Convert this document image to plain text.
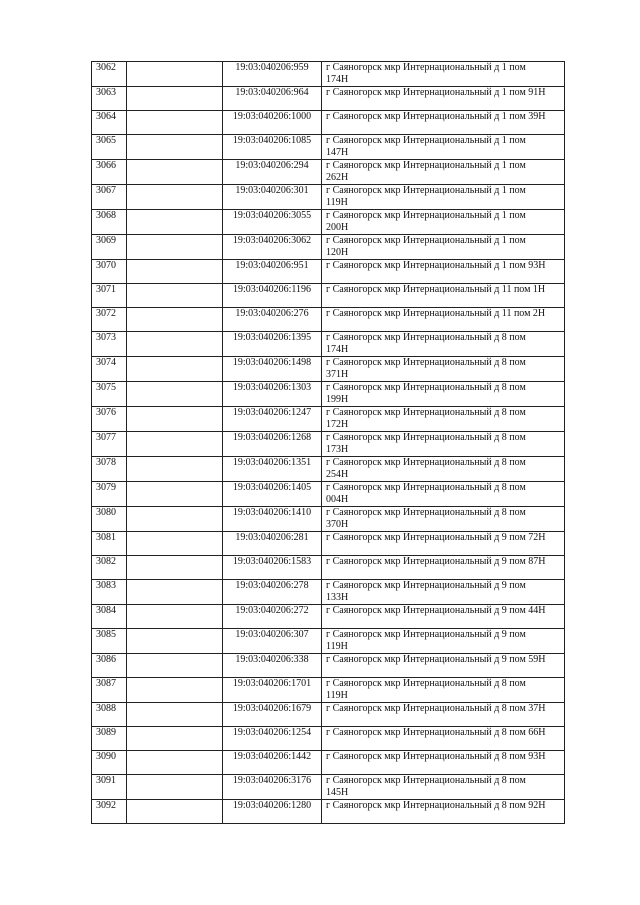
3062		19:03:040206:959	г Саяногорск мкр Интернациональный д 1 пом 174Н

3063		19:03:040206:964	г Саяногорск мкр Интернациональный д 1 пом 91Н

3064		19:03:040206:1000	г Саяногорск мкр Интернациональный д 1 пом 39Н

3065		19:03:040206:1085	г Саяногорск мкр Интернациональный д 1 пом 147Н

3066		19:03:040206:294	г Саяногорск мкр Интернациональный д 1 пом 262Н

3067		19:03:040206:301	г Саяногорск мкр Интернациональный д 1 пом 119Н

3068		19:03:040206:3055	г Саяногорск мкр Интернациональный д 1 пом 200Н

3069		19:03:040206:3062	г Саяногорск мкр Интернациональный д 1 пом 120Н

3070		19:03:040206:951	г Саяногорск мкр Интернациональный д 1 пом 93Н

3071		19:03:040206:1196	г Саяногорск мкр Интернациональный д 11 пом 1Н

3072		19:03:040206:276	г Саяногорск мкр Интернациональный д 11 пом 2Н

3073		19:03:040206:1395	г Саяногорск мкр Интернациональный д 8 пом 174Н

3074		19:03:040206:1498	г Саяногорск мкр Интернациональный д 8 пом 371Н

3075		19:03:040206:1303	г Саяногорск мкр Интернациональный д 8 пом 199Н

3076		19:03:040206:1247	г Саяногорск мкр Интернациональный д 8 пом 172Н

3077		19:03:040206:1268	г Саяногорск мкр Интернациональный д 8 пом 173Н

3078		19:03:040206:1351	г Саяногорск мкр Интернациональный д 8 пом 254Н

3079		19:03:040206:1405	г Саяногорск мкр Интернациональный д 8 пом 004Н

3080		19:03:040206:1410	г Саяногорск мкр Интернациональный д 8 пом 370Н

3081		19:03:040206:281	г Саяногорск мкр Интернациональный д 9 пом 72Н

3082		19:03:040206:1583	г Саяногорск мкр Интернациональный д 9 пом 87Н

3083		19:03:040206:278	г Саяногорск мкр Интернациональный д 9 пом 133Н

3084		19:03:040206:272	г Саяногорск мкр Интернациональный д 9 пом 44Н

3085		19:03:040206:307	г Саяногорск мкр Интернациональный д 9 пом 119Н

3086		19:03:040206:338	г Саяногорск мкр Интернациональный д 9 пом 59Н

3087		19:03:040206:1701	г Саяногорск мкр Интернациональный д 8 пом 119Н

3088		19:03:040206:1679	г Саяногорск мкр Интернациональный д 8 пом 37Н

3089		19:03:040206:1254	г Саяногорск мкр Интернациональный д 8 пом 66Н

3090		19:03:040206:1442	г Саяногорск мкр Интернациональный д 8 пом 93Н

3091		19:03:040206:3176	г Саяногорск мкр Интернациональный д 8 пом 145Н

3092		19:03:040206:1280	г Саяногорск мкр Интернациональный д 8 пом 92Н
